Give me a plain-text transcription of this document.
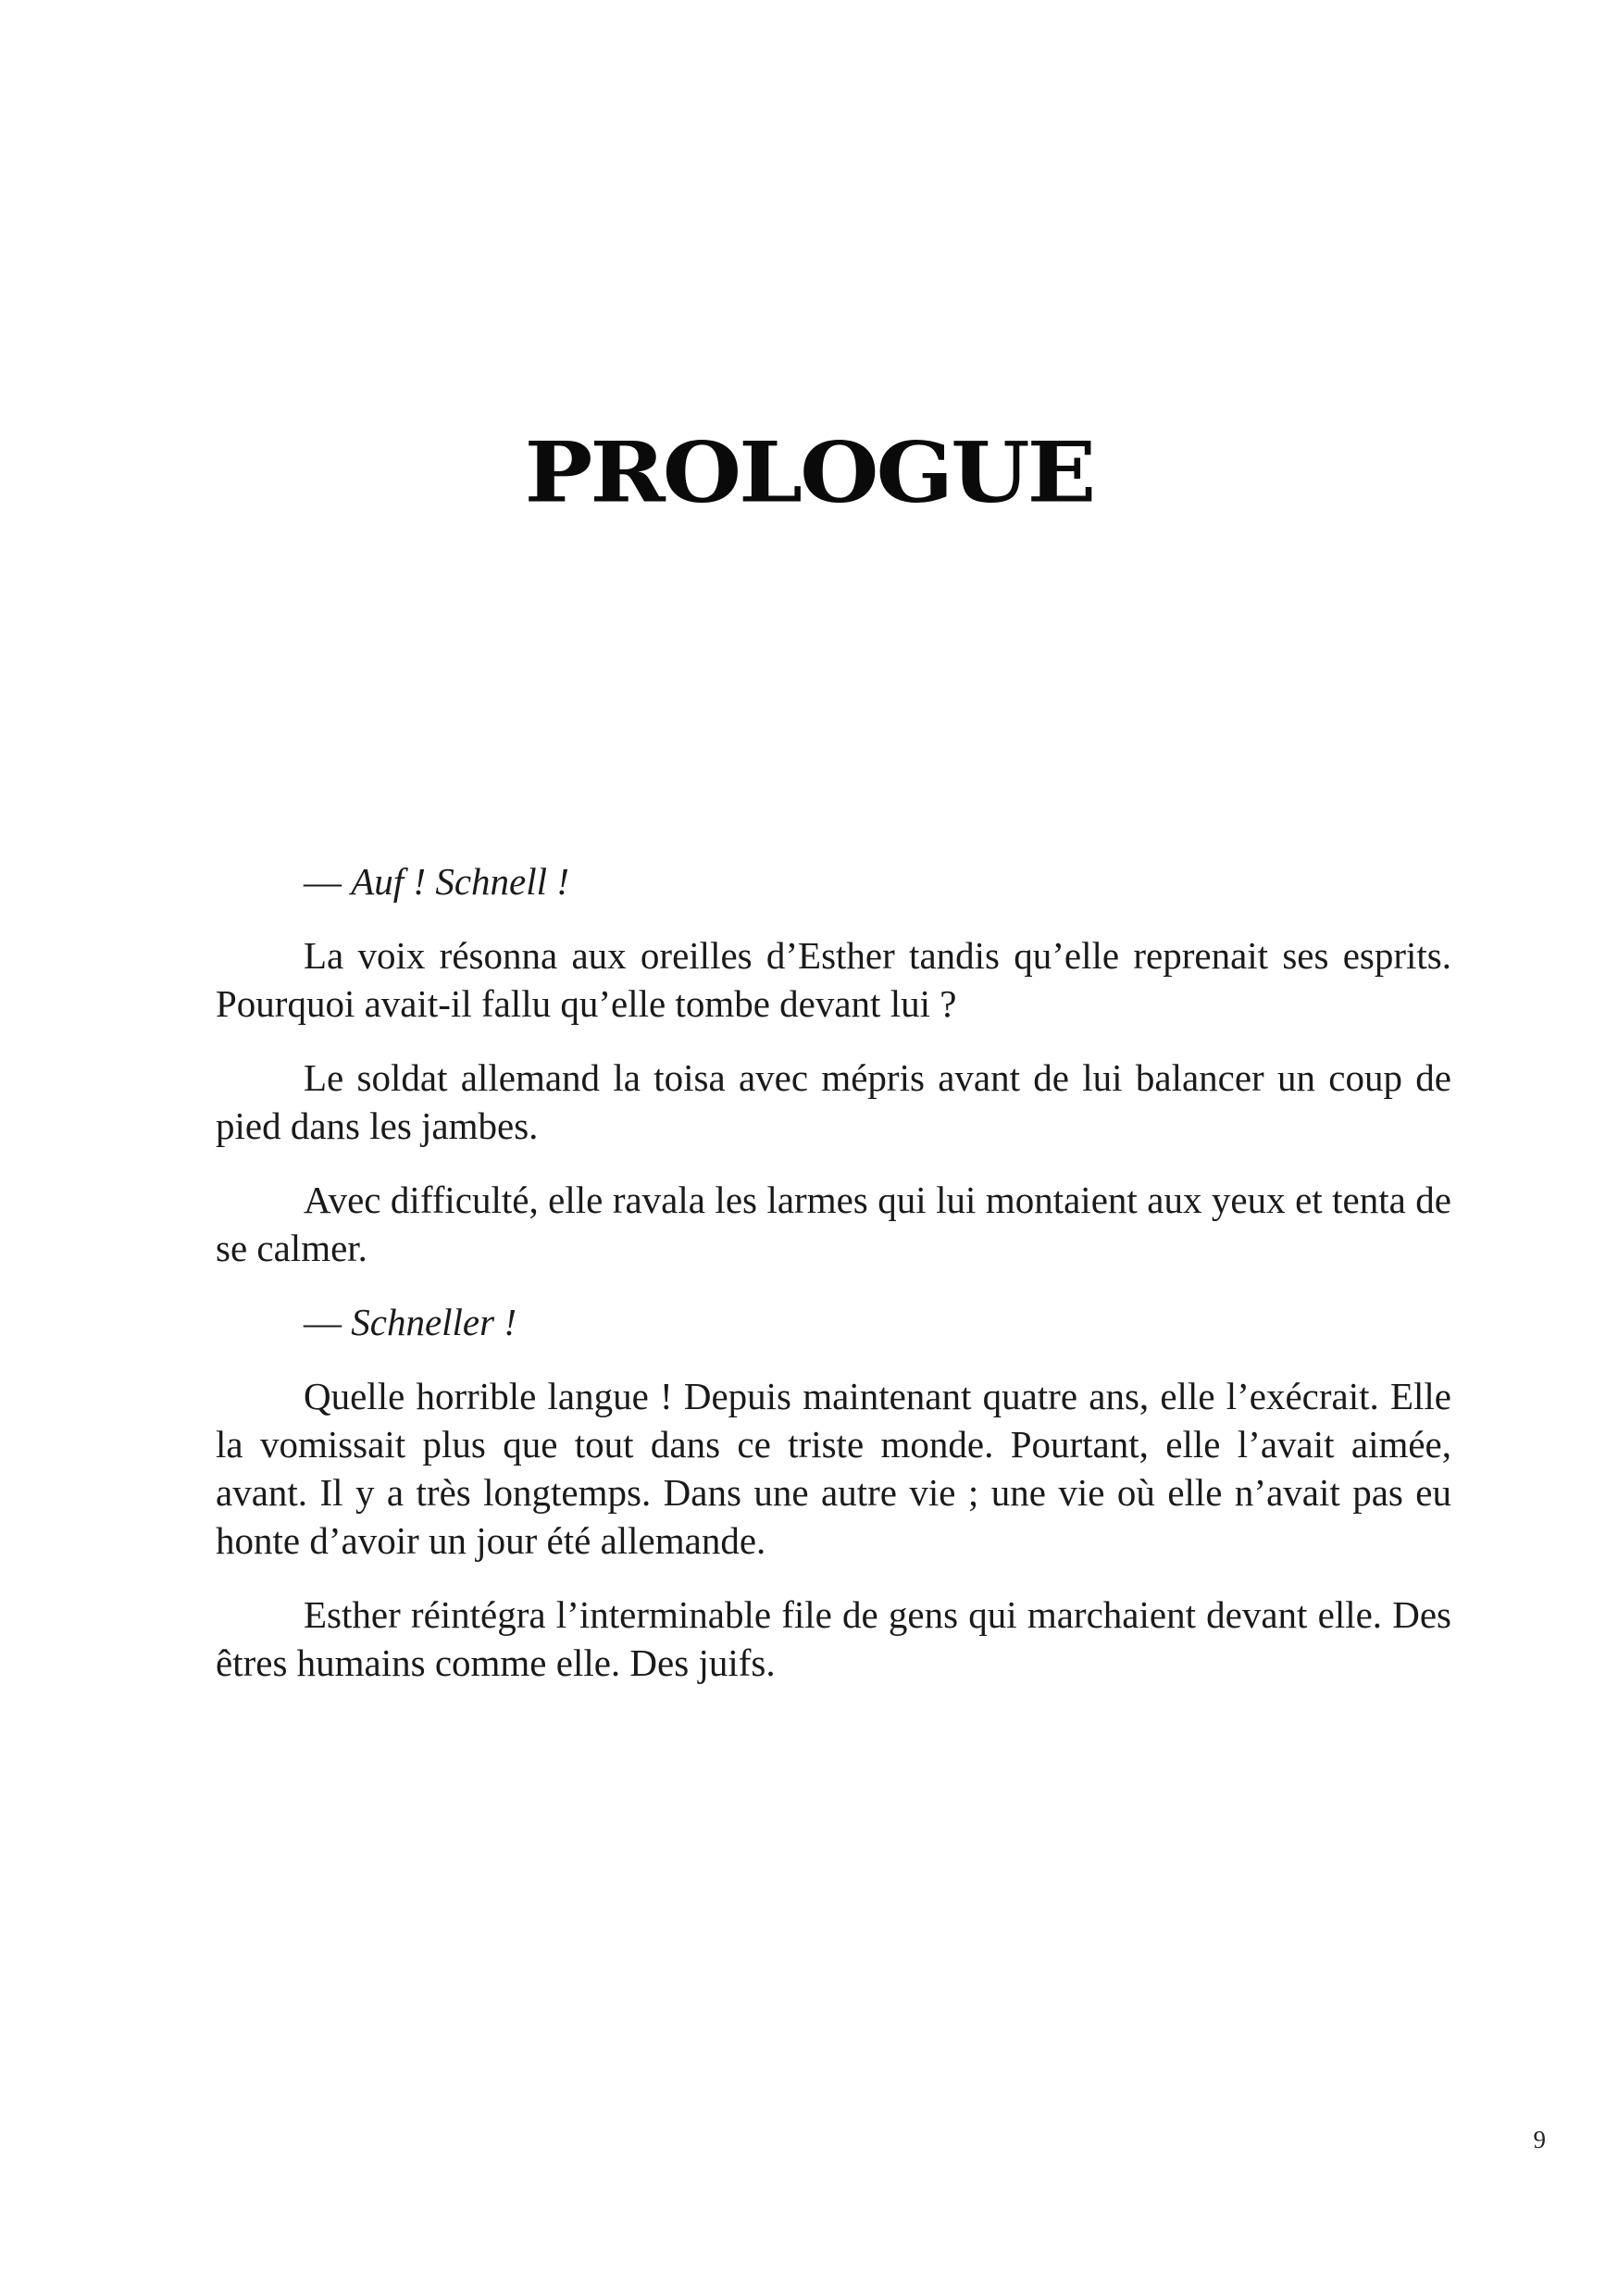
PROLOGUE

— Auf ! Schnell !

La voix résonna aux oreilles d’Esther tandis qu’elle reprenait ses esprits. Pourquoi avait-il fallu qu’elle tombe devant lui ?

Le soldat allemand la toisa avec mépris avant de lui balancer un coup de pied dans les jambes.

Avec difficulté, elle ravala les larmes qui lui montaient aux yeux et tenta de se calmer.

— Schneller !

Quelle horrible langue ! Depuis maintenant quatre ans, elle l’exécrait. Elle la vomissait plus que tout dans ce triste monde. Pourtant, elle l’avait aimée, avant. Il y a très longtemps. Dans une autre vie ; une vie où elle n’avait pas eu honte d’avoir un jour été allemande.

Esther réintégra l’interminable file de gens qui marchaient devant elle. Des êtres humains comme elle. Des juifs.

9
